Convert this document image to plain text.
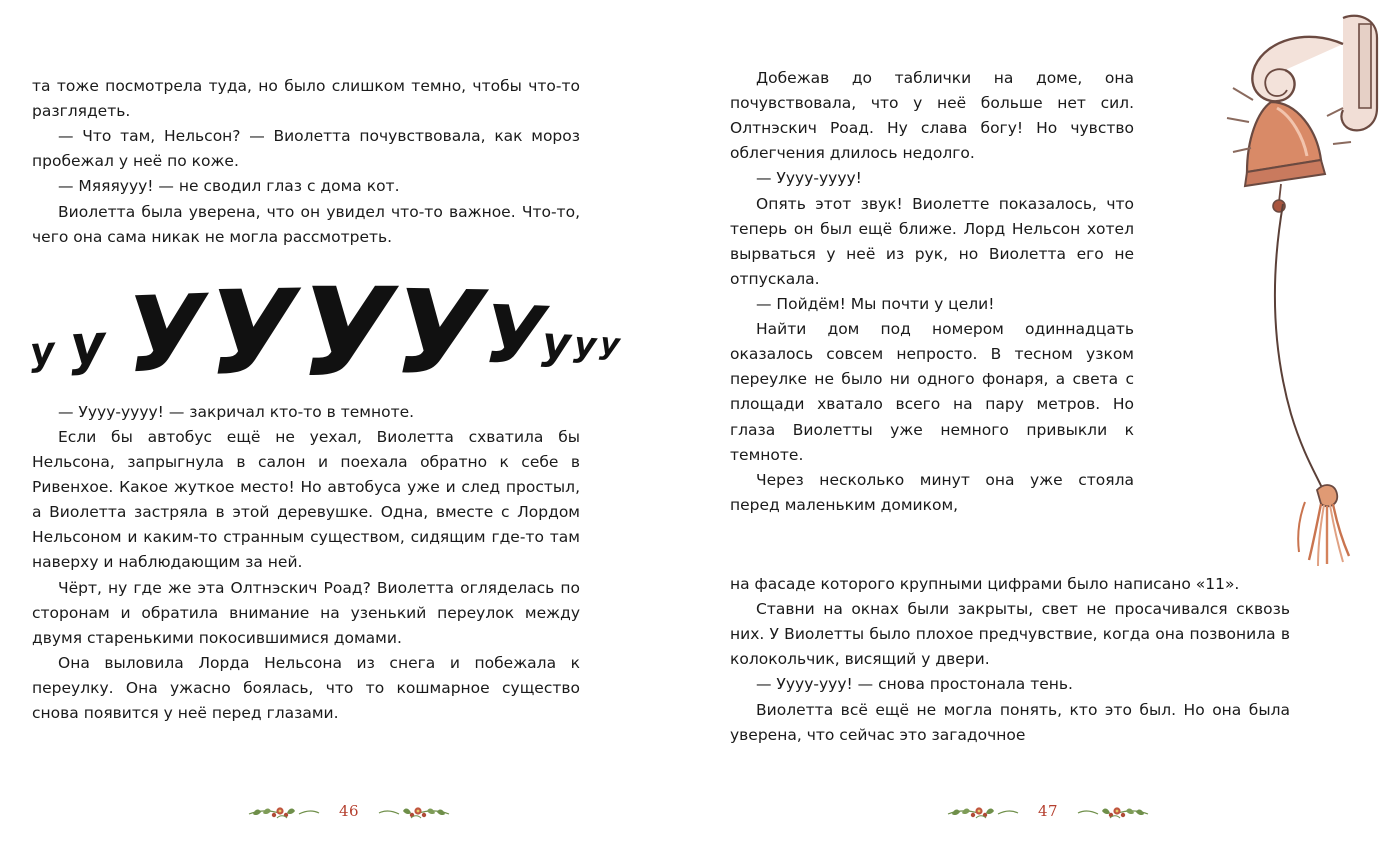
та тоже посмотрела туда, но было слишком темно, чтобы что-то разглядеть.

— Что там, Нельсон? — Виолетта почувствовала, как мороз пробежал у неё по коже.

— Мяяяууу! — не сводил глаз с дома кот.

Виолетта была уверена, что он увидел что-то важное. Что-то, чего она сама никак не могла рассмотреть.

у у У
У У
У
У
у у у

— Уууу-уууу! — закричал кто-то в темноте.

Если бы автобус ещё не уехал, Виолетта схватила бы Нельсона, запрыгнула в салон и поехала обратно к себе в Ривенхое. Какое жуткое место! Но автобуса уже и след простыл, а Виолетта застряла в этой деревушке. Одна, вместе с Лордом Нельсоном и каким-то странным существом, сидящим где-то там наверху и наблюдающим за ней.

Чёрт, ну где же эта Олтнэскич Роад? Виолетта огляделась по сторонам и обратила внимание на узенький переулок между двумя старенькими покосившимися домами.

Она выловила Лорда Нельсона из снега и побежала к переулку. Она ужасно боялась, что то кошмарное существо снова появится у неё перед глазами.

46

Добежав до таблички на доме, она почувствовала, что у неё больше нет сил. Олтнэскич Роад. Ну слава богу! Но чувство облегчения длилось недолго.

— Уууу-уууу!

Опять этот звук! Виолетте показалось, что теперь он был ещё ближе. Лорд Нельсон хотел вырваться у неё из рук, но Виолетта его не отпускала.

— Пойдём! Мы почти у цели!

Найти дом под номером одиннадцать оказалось совсем непросто. В тесном узком переулке не было ни одного фонаря, а света с площади хватало всего на пару метров. Но глаза Виолетты уже немного привыкли к темноте.

Через несколько минут она уже стояла перед маленьким домиком,

на фасаде которого крупными цифрами было написано «11».

Ставни на окнах были закрыты, свет не просачивался сквозь них. У Виолетты было плохое предчувствие, когда она позвонила в колокольчик, висящий у двери.

— Уууу-ууу! — снова простонала тень.

Виолетта всё ещё не могла понять, кто это был. Но она была уверена, что сейчас это загадочное

47
